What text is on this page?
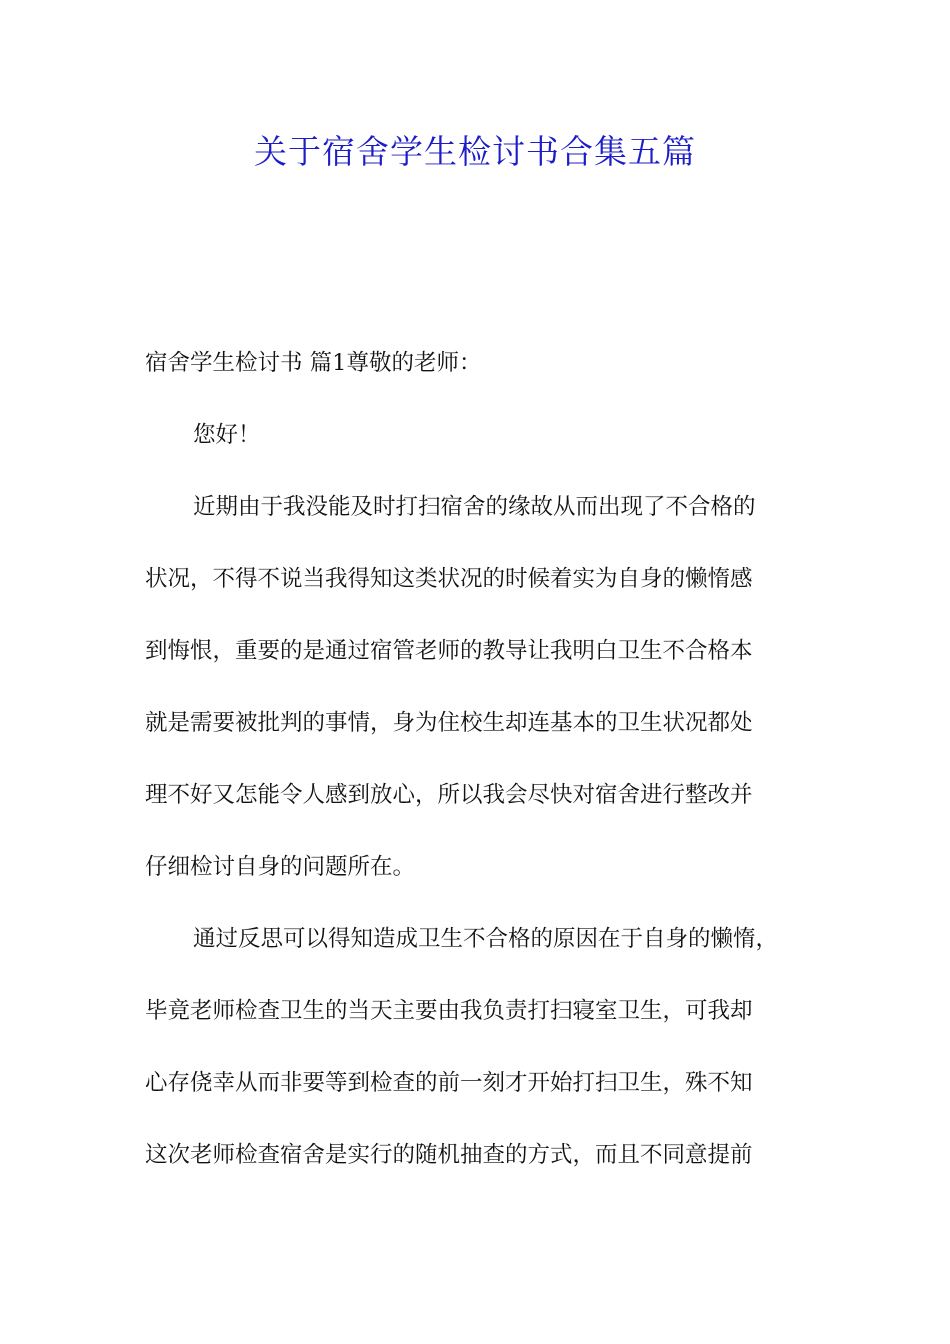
关于宿舍学生检讨书合集五篇
宿舍学生检讨书 篇1尊敬的老师：
您好！
近期由于我没能及时打扫宿舍的缘故从而出现了不合格的
状况，不得不说当我得知这类状况的时候着实为自身的懒惰感
到悔恨，重要的是通过宿管老师的教导让我明白卫生不合格本
就是需要被批判的事情，身为住校生却连基本的卫生状况都处
理不好又怎能令人感到放心，所以我会尽快对宿舍进行整改并
仔细检讨自身的问题所在。
通过反思可以得知造成卫生不合格的原因在于自身的懒惰，
毕竟老师检查卫生的当天主要由我负责打扫寝室卫生，可我却
心存侥幸从而非要等到检查的前一刻才开始打扫卫生，殊不知
这次老师检查宿舍是实行的随机抽查的方式，而且不同意提前
